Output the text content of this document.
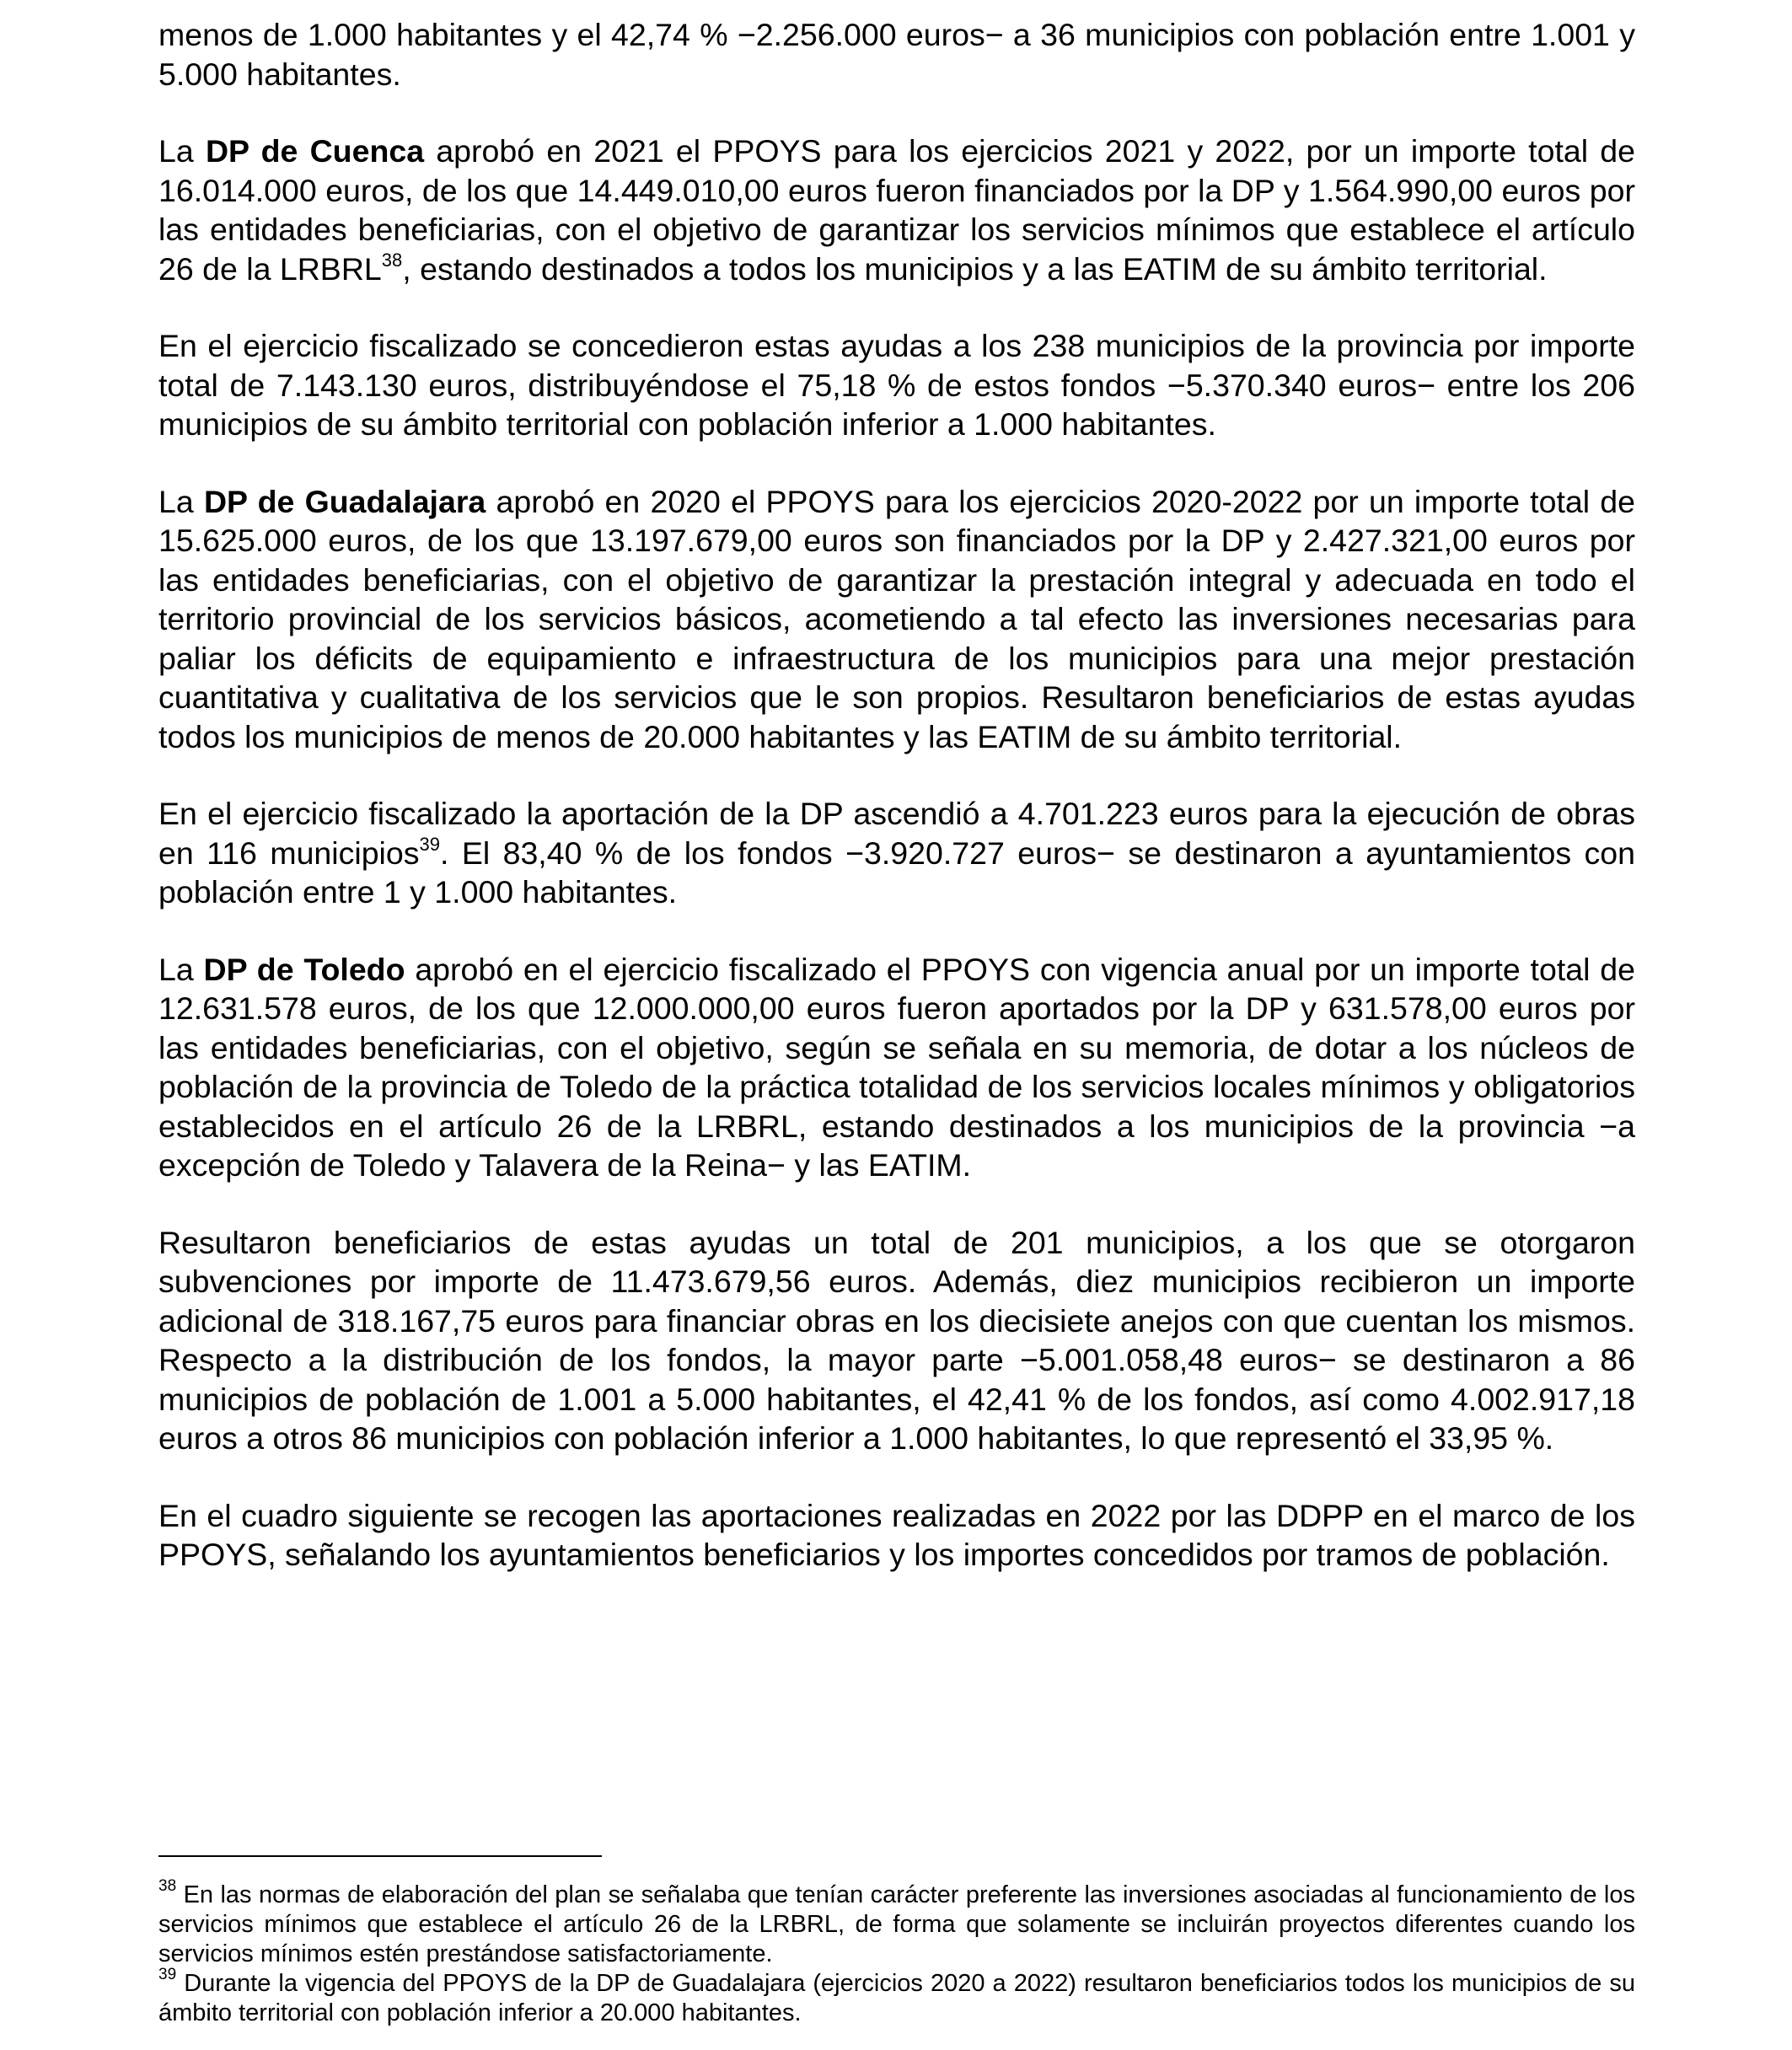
menos de 1.000 habitantes y el 42,74 % −2.256.000 euros− a 36 municipios con población entre 1.001 y 5.000 habitantes.

La DP de Cuenca aprobó en 2021 el PPOYS para los ejercicios 2021 y 2022, por un importe total de 16.014.000 euros, de los que 14.449.010,00 euros fueron financiados por la DP y 1.564.990,00 euros por las entidades beneficiarias, con el objetivo de garantizar los servicios mínimos que establece el artículo 26 de la LRBRL$^{38}$, estando destinados a todos los municipios y a las EATIM de su ámbito territorial.

En el ejercicio fiscalizado se concedieron estas ayudas a los 238 municipios de la provincia por importe total de 7.143.130 euros, distribuyéndose el 75,18 % de estos fondos −5.370.340 euros− entre los 206 municipios de su ámbito territorial con población inferior a 1.000 habitantes.

La DP de Guadalajara aprobó en 2020 el PPOYS para los ejercicios 2020-2022 por un importe total de 15.625.000 euros, de los que 13.197.679,00 euros son financiados por la DP y 2.427.321,00 euros por las entidades beneficiarias, con el objetivo de garantizar la prestación integral y adecuada en todo el territorio provincial de los servicios básicos, acometiendo a tal efecto las inversiones necesarias para paliar los déficits de equipamiento e infraestructura de los municipios para una mejor prestación cuantitativa y cualitativa de los servicios que le son propios. Resultaron beneficiarios de estas ayudas todos los municipios de menos de 20.000 habitantes y las EATIM de su ámbito territorial.

En el ejercicio fiscalizado la aportación de la DP ascendió a 4.701.223 euros para la ejecución de obras en 116 municipios$^{39}$. El 83,40 % de los fondos −3.920.727 euros− se destinaron a ayuntamientos con población entre 1 y 1.000 habitantes.

La DP de Toledo aprobó en el ejercicio fiscalizado el PPOYS con vigencia anual por un importe total de 12.631.578 euros, de los que 12.000.000,00 euros fueron aportados por la DP y 631.578,00 euros por las entidades beneficiarias, con el objetivo, según se señala en su memoria, de dotar a los núcleos de población de la provincia de Toledo de la práctica totalidad de los servicios locales mínimos y obligatorios establecidos en el artículo 26 de la LRBRL, estando destinados a los municipios de la provincia −a excepción de Toledo y Talavera de la Reina− y las EATIM.

Resultaron beneficiarios de estas ayudas un total de 201 municipios, a los que se otorgaron subvenciones por importe de 11.473.679,56 euros. Además, diez municipios recibieron un importe adicional de 318.167,75 euros para financiar obras en los diecisiete anejos con que cuentan los mismos. Respecto a la distribución de los fondos, la mayor parte −5.001.058,48 euros− se destinaron a 86 municipios de población de 1.001 a 5.000 habitantes, el 42,41 % de los fondos, así como 4.002.917,18 euros a otros 86 municipios con población inferior a 1.000 habitantes, lo que representó el 33,95 %.

En el cuadro siguiente se recogen las aportaciones realizadas en 2022 por las DDPP en el marco de los PPOYS, señalando los ayuntamientos beneficiarios y los importes concedidos por tramos de población.

$^{38}$ En las normas de elaboración del plan se señalaba que tenían carácter preferente las inversiones asociadas al funcionamiento de los servicios mínimos que establece el artículo 26 de la LRBRL, de forma que solamente se incluirán proyectos diferentes cuando los servicios mínimos estén prestándose satisfactoriamente.

$^{39}$ Durante la vigencia del PPOYS de la DP de Guadalajara (ejercicios 2020 a 2022) resultaron beneficiarios todos los municipios de su ámbito territorial con población inferior a 20.000 habitantes.
